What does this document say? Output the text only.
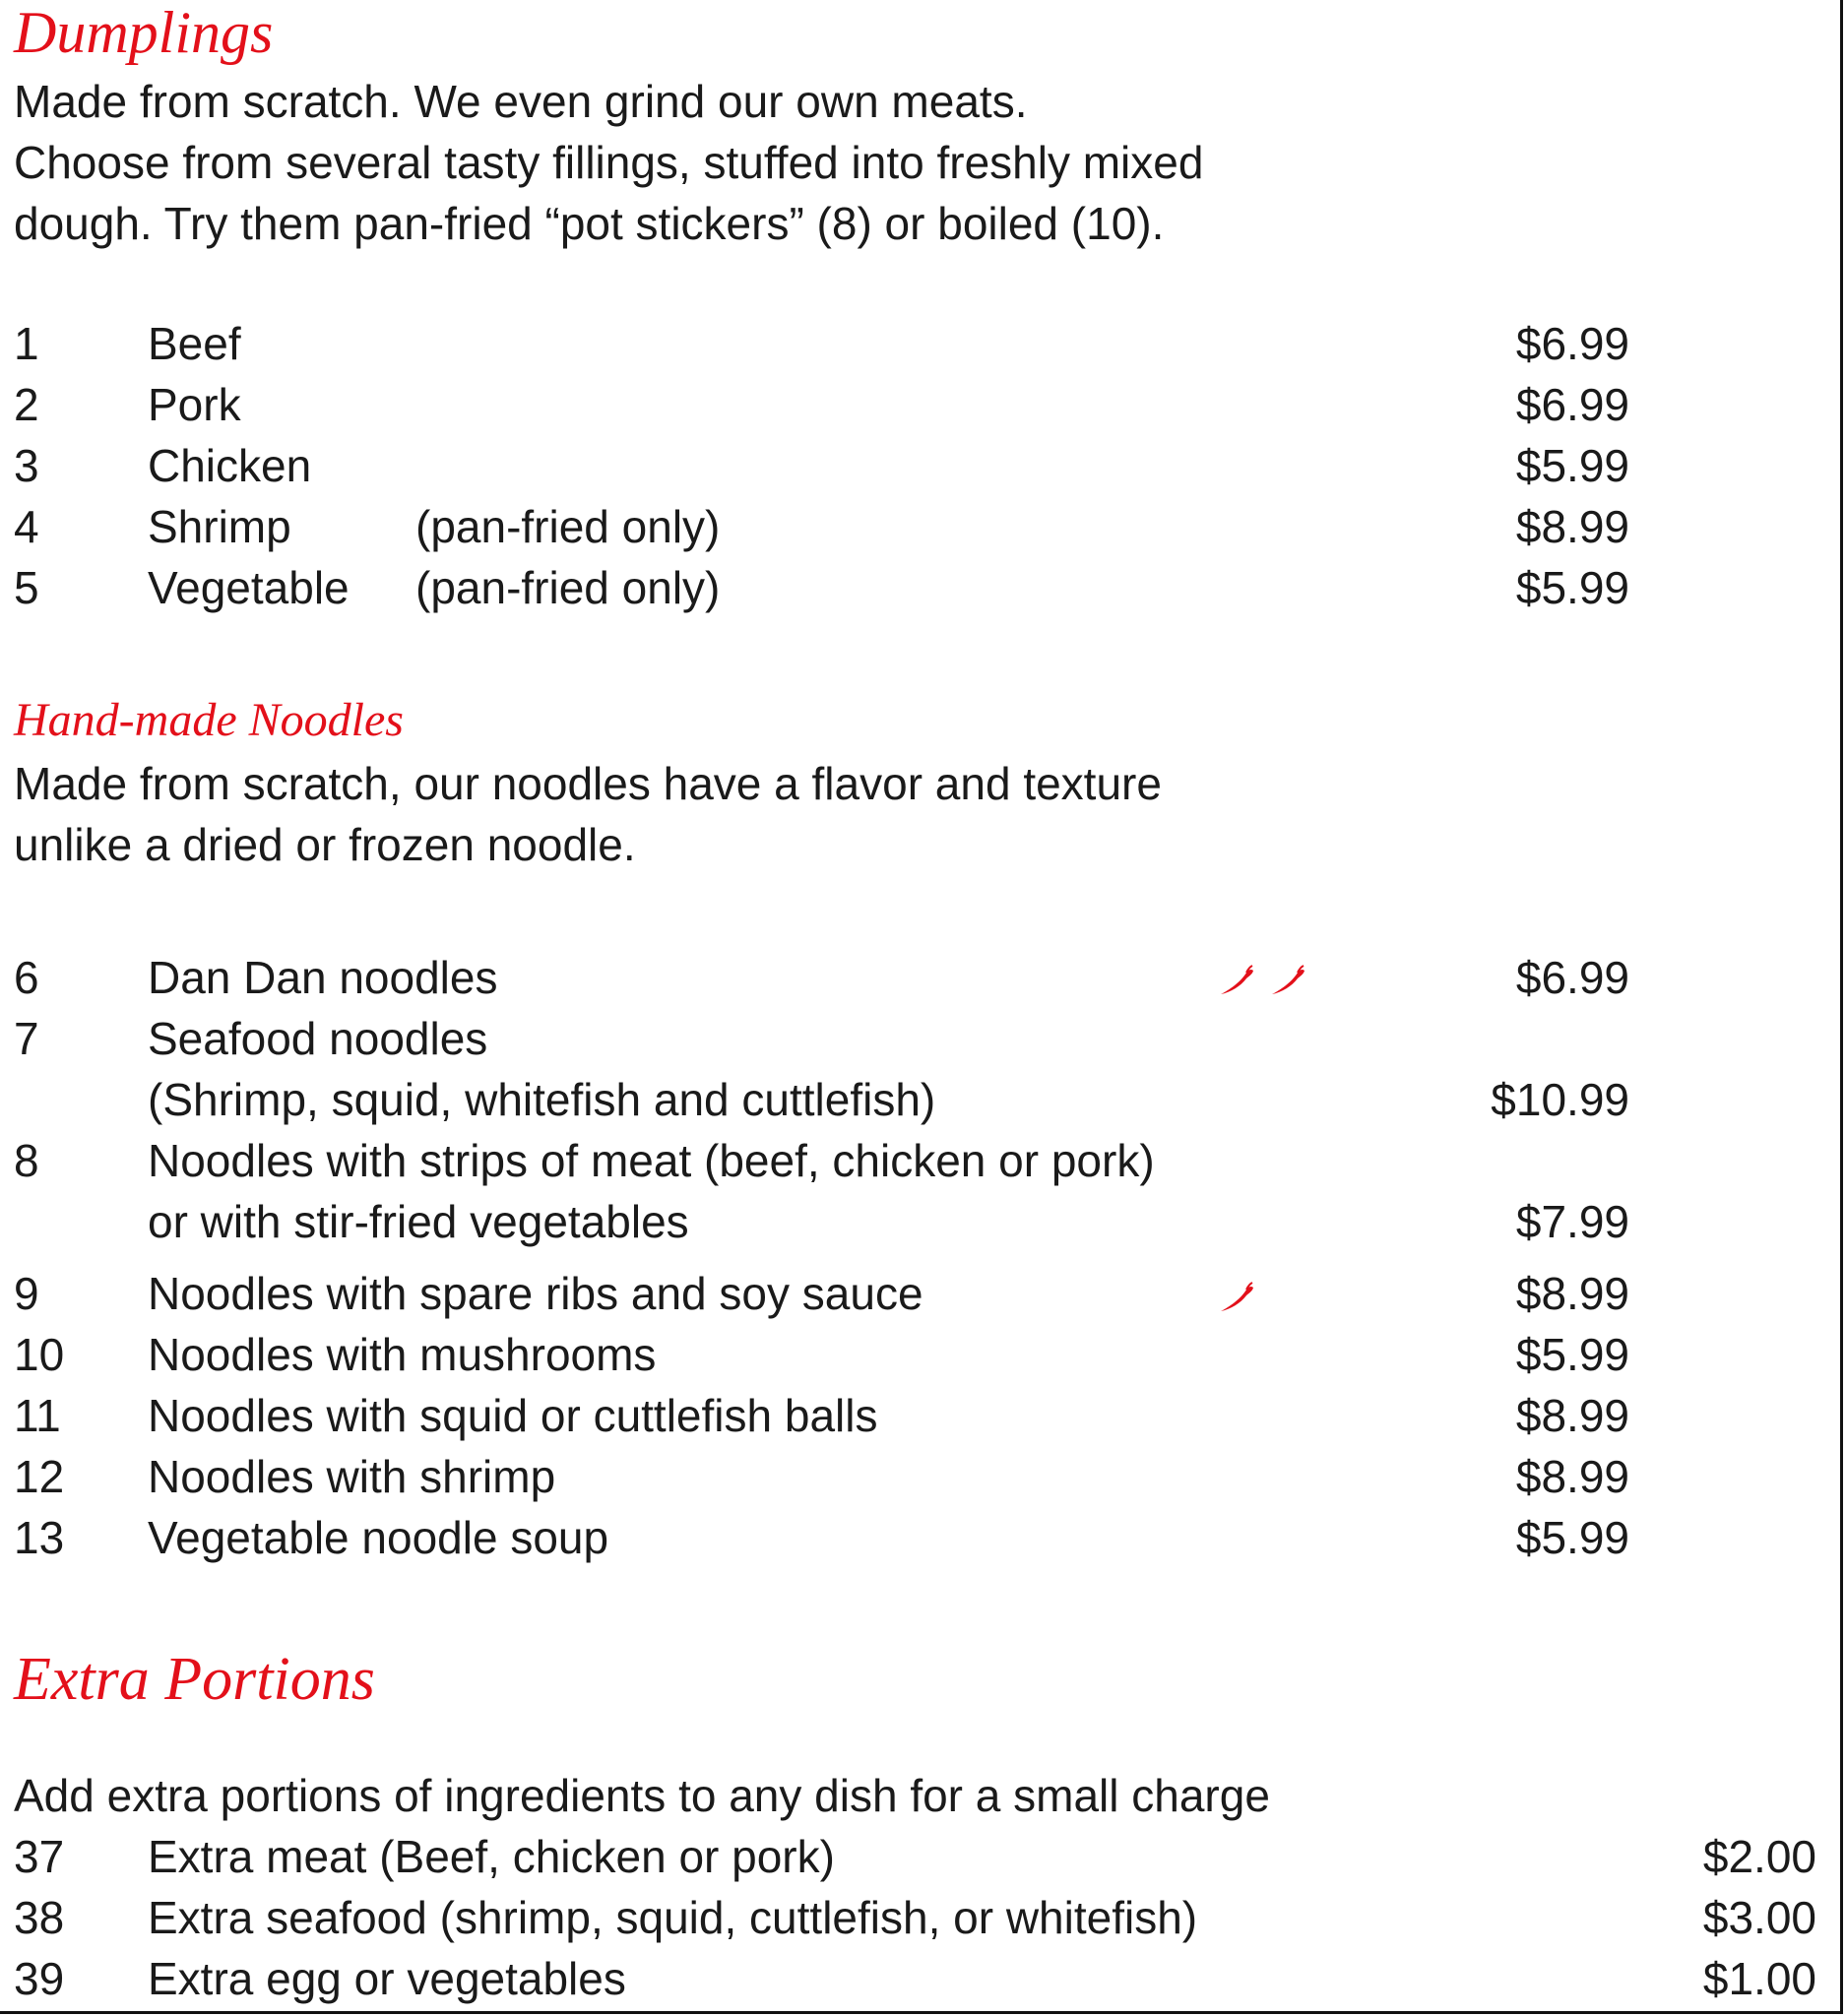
Dumplings
Made from scratch. We even grind our own meats.
Choose from several tasty fillings, stuffed into freshly mixed
dough. Try them pan-fried “pot stickers” (8) or boiled (10).
1 Beef	$6.99
2 Pork	$6.99
3 Chicken	$5.99
4 Shrimp	(pan-fried only)	$8.99
5 Vegetable (pan-fried only)	$5.99
Hand-made Noodles
Made from scratch, our noodles have a flavor and texture
unlike a dried or frozen noodle.
6 Dan Dan noodles	$6.99
7 Seafood noodles
(Shrimp, squid, whitefish and cuttlefish)	$10.99
8 Noodles with strips of meat (beef, chicken or pork)
or with stir-fried vegetables	$7.99
9 Noodles with spare ribs and soy sauce	$8.99
10 Noodles with mushrooms	$5.99
11 Noodles with squid or cuttlefish balls	$8.99
12 Noodles with shrimp	$8.99
13 Vegetable noodle soup	$5.99
Extra Portions
Add extra portions of ingredients to any dish for a small charge
37 Extra meat (Beef, chicken or pork)	$2.00
38 Extra seafood (shrimp, squid, cuttlefish, or whitefish)	$3.00
39 Extra egg or vegetables	$1.00
